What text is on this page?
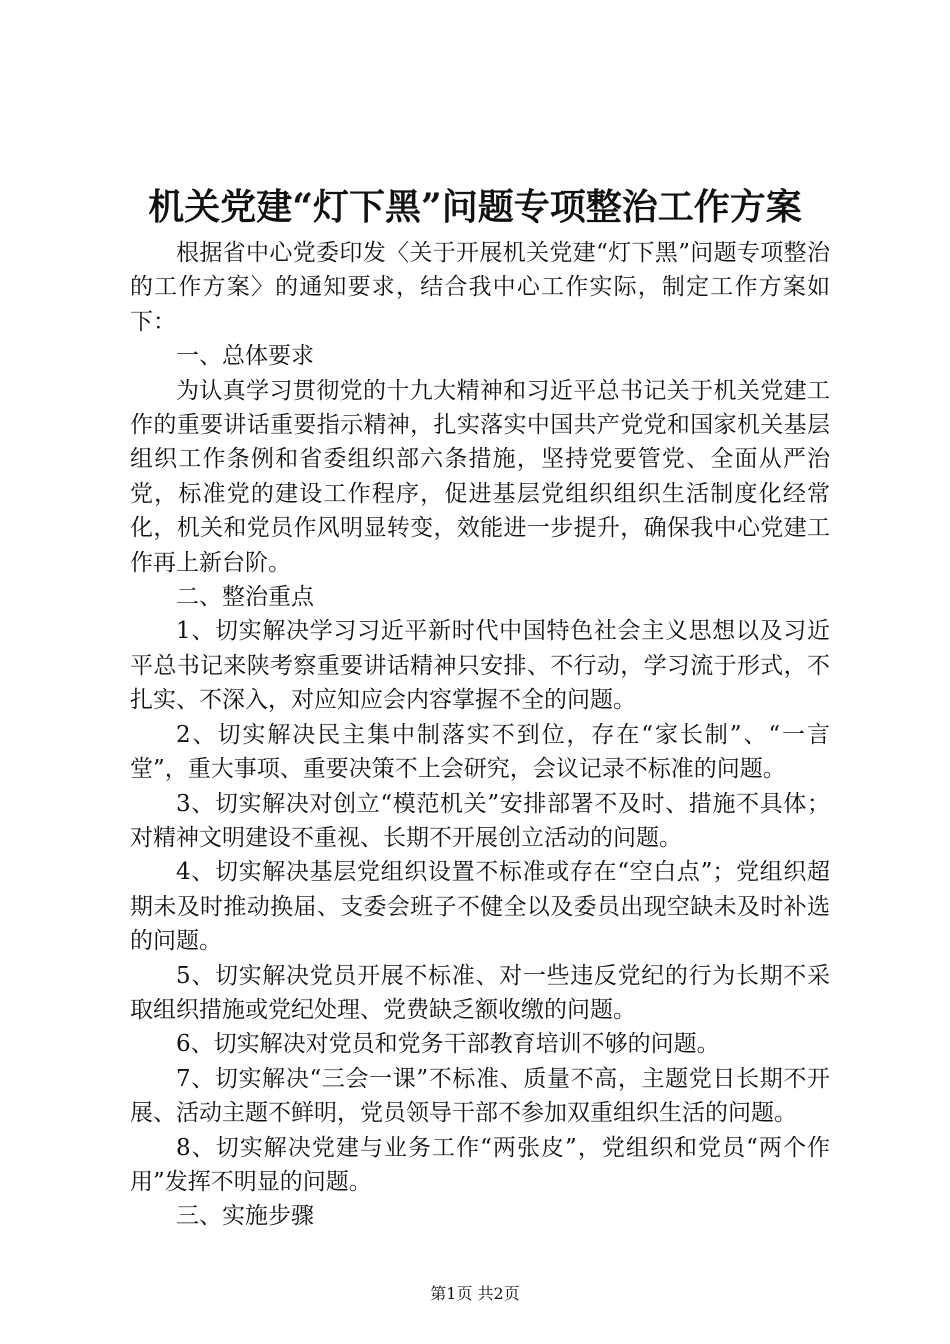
机关党建“灯下黑”问题专项整治工作方案

根据省中心党委印发〈关于开展机关党建“灯下黑”问题专项整治的工作方案〉的通知要求，结合我中心工作实际，制定工作方案如下：

一、总体要求

为认真学习贯彻党的十九大精神和习近平总书记关于机关党建工作的重要讲话重要指示精神，扎实落实中国共产党党和国家机关基层组织工作条例和省委组织部六条措施，坚持党要管党、全面从严治党，标准党的建设工作程序，促进基层党组织组织生活制度化经常化，机关和党员作风明显转变，效能进一步提升，确保我中心党建工作再上新台阶。

二、整治重点

1、切实解决学习习近平新时代中国特色社会主义思想以及习近平总书记来陕考察重要讲话精神只安排、不行动，学习流于形式，不扎实、不深入，对应知应会内容掌握不全的问题。

2、切实解决民主集中制落实不到位，存在“家长制”、“一言堂”，重大事项、重要决策不上会研究，会议记录不标准的问题。

3、切实解决对创立“模范机关”安排部署不及时、措施不具体；对精神文明建设不重视、长期不开展创立活动的问题。

4、切实解决基层党组织设置不标准或存在“空白点”；党组织超期未及时推动换届、支委会班子不健全以及委员出现空缺未及时补选的问题。

5、切实解决党员开展不标准、对一些违反党纪的行为长期不采取组织措施或党纪处理、党费缺乏额收缴的问题。

6、切实解决对党员和党务干部教育培训不够的问题。

7、切实解决“三会一课”不标准、质量不高，主题党日长期不开展、活动主题不鲜明，党员领导干部不参加双重组织生活的问题。

8、切实解决党建与业务工作“两张皮”，党组织和党员“两个作用”发挥不明显的问题。

三、实施步骤

第1页 共2页
